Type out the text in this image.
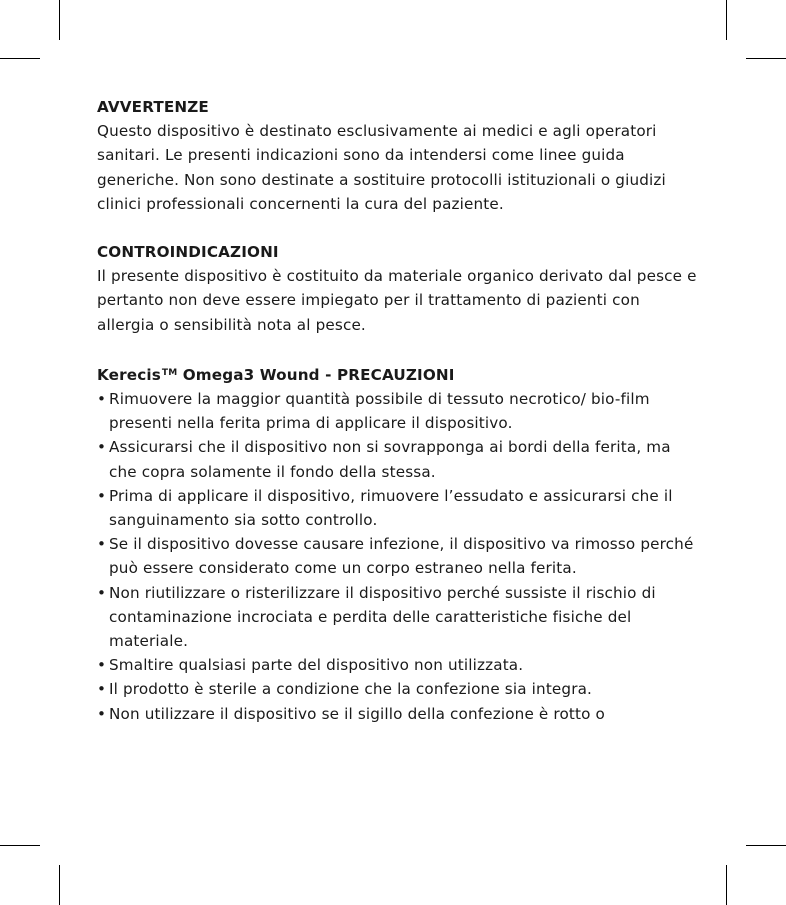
AVVERTENZE

Questo dispositivo è destinato esclusivamente ai medici e agli operatori sanitari. Le presenti indicazioni sono da intendersi come linee guida generiche. Non sono destinate a sostituire protocolli istituzionali o giudizi clinici professionali concernenti la cura del paziente.

CONTROINDICAZIONI

Il presente dispositivo è costituito da materiale organico derivato dal pesce e pertanto non deve essere impiegato per il trattamento di pazienti con allergia o sensibilità nota al pesce.

Kerecis™ Omega3 Wound - PRECAUZIONI

• Rimuovere la maggior quantità possibile di tessuto necrotico/ bio-film presenti nella ferita prima di applicare il dispositivo.
• Assicurarsi che il dispositivo non si sovrapponga ai bordi della ferita, ma che copra solamente il fondo della stessa.
• Prima di applicare il dispositivo, rimuovere l’essudato e assicurarsi che il sanguinamento sia sotto controllo.
• Se il dispositivo dovesse causare infezione, il dispositivo va rimosso perché può essere considerato come un corpo estraneo nella ferita.
• Non riutilizzare o risterilizzare il dispositivo perché sussiste il rischio di contaminazione incrociata e perdita delle caratteristiche fisiche del materiale.
• Smaltire qualsiasi parte del dispositivo non utilizzata.
• Il prodotto è sterile a condizione che la confezione sia integra.
• Non utilizzare il dispositivo se il sigillo della confezione è rotto o
